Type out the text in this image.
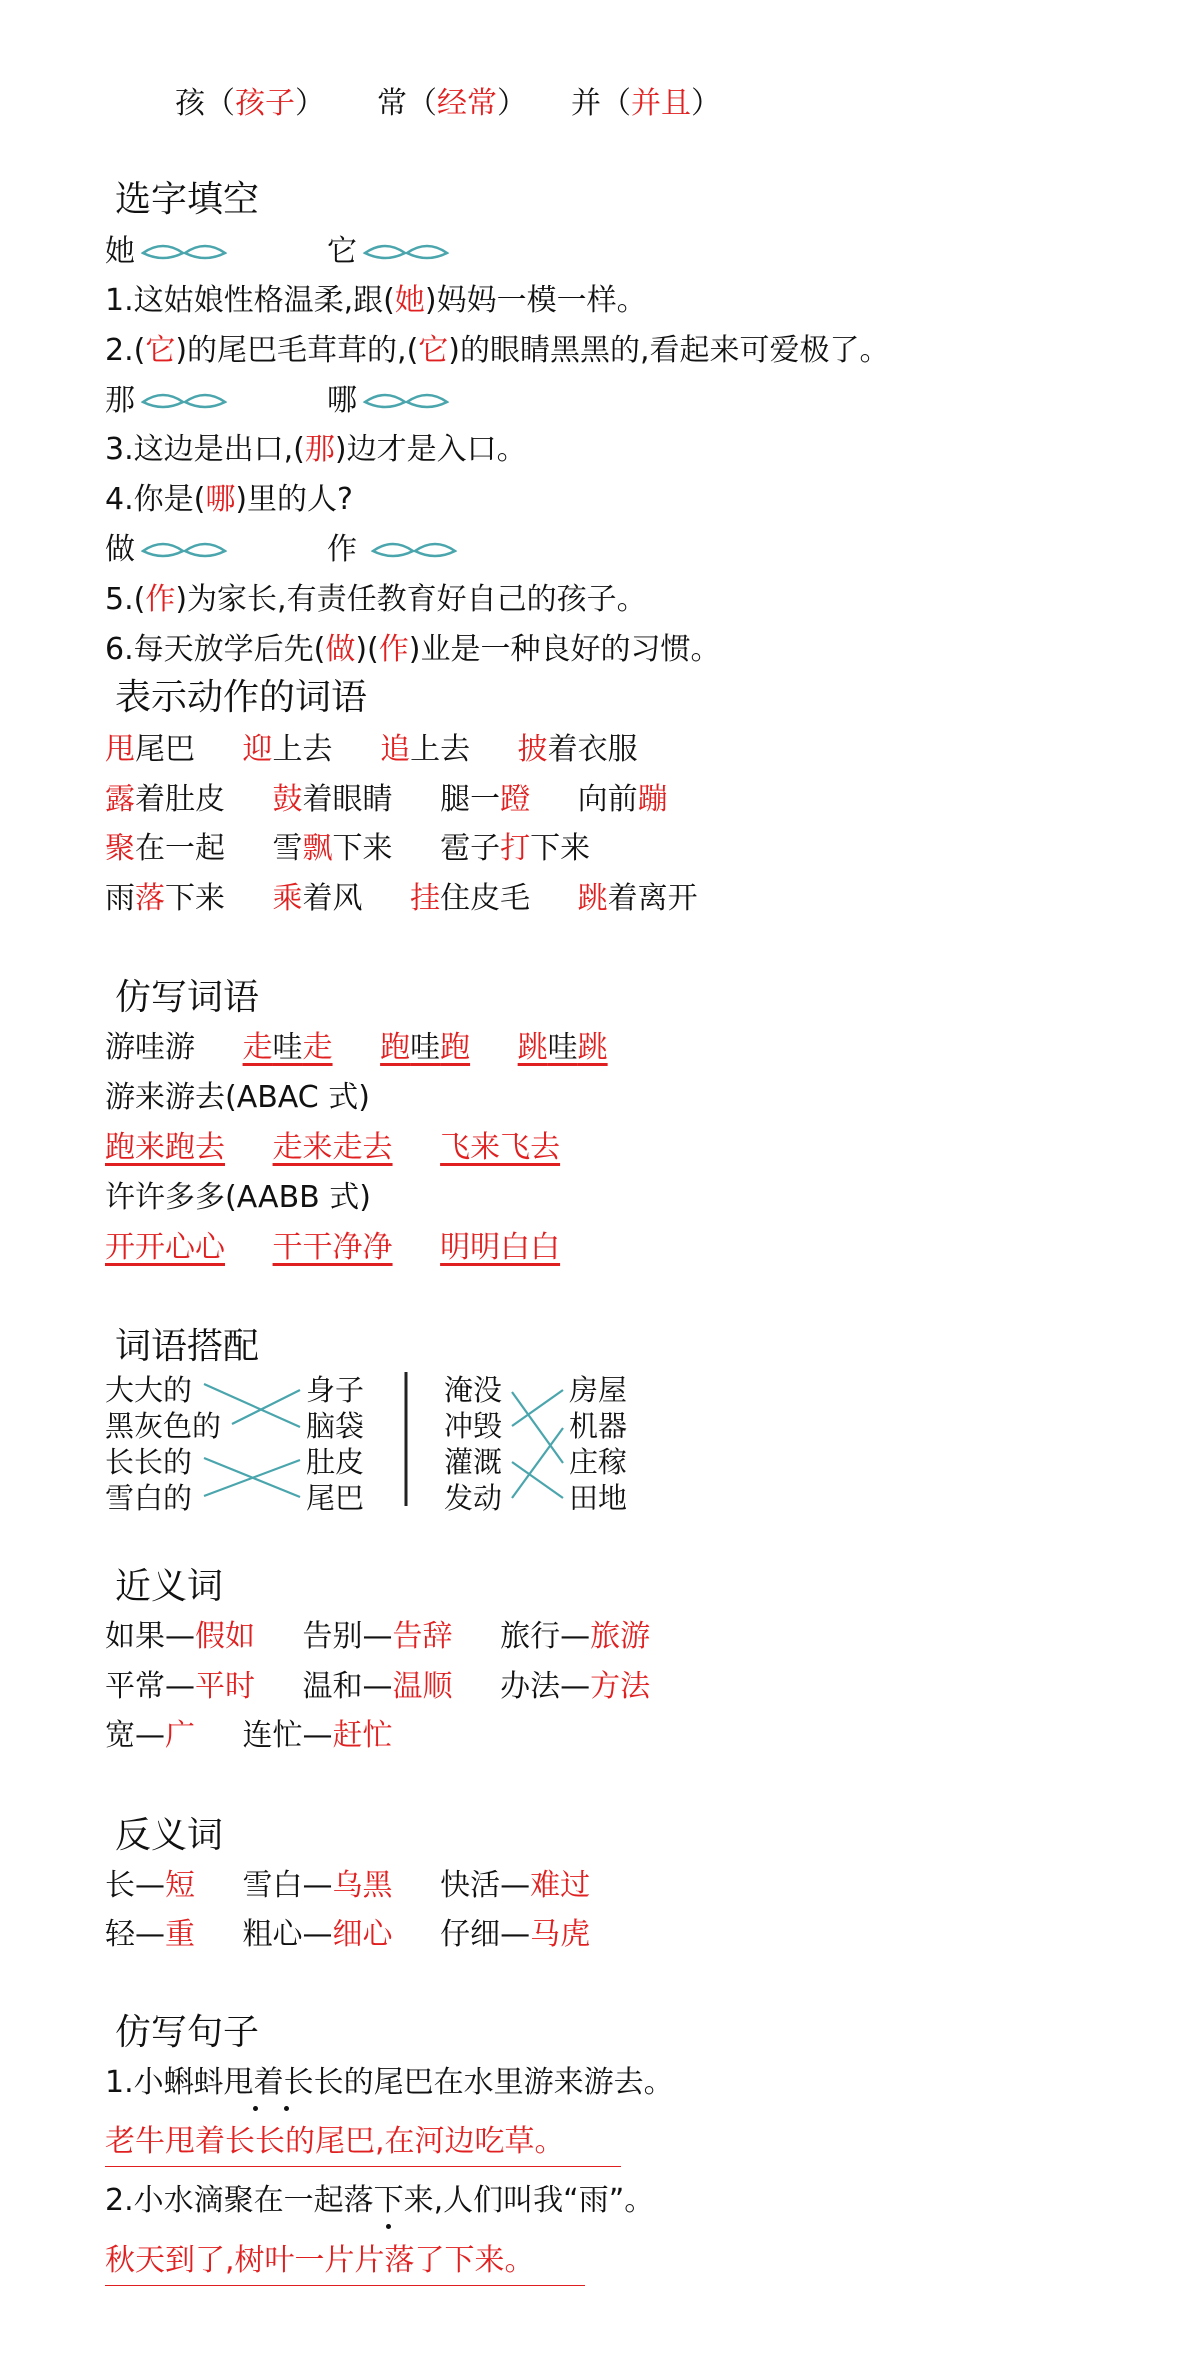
孩（孩子） 常（经常） 并（并且）
选字填空
她	它
1.这姑娘性格温柔,跟(她)妈妈一模一样。
2.(它)的尾巴毛茸茸的,(它)的眼睛黑黑的,看起来可爱极了。
那	哪
3.这边是出口,(那)边才是入口。
4.你是(哪)里的人?
做	作
5.(作)为家长,有责任教育好自己的孩子。
6.每天放学后先(做)(作)业是一种良好的习惯。
表示动作的词语
甩尾巴 迎上去 追上去 披着衣服
露着肚皮 鼓着眼睛 腿一蹬 向前蹦
聚在一起 雪飘下来 雹子打下来
雨落下来 乘着风 挂住皮毛 跳着离开
仿写词语
游哇游 走哇走 跑哇跑 跳哇跳
游来游去(ABAC 式)
跑来跑去 走来走去 飞来飞去
许许多多(AABB 式)
开开心心 干干净净 明明白白
词语搭配
大大的
黑灰色的
长长的
雪白的
身子
脑袋
肚皮
尾巴
淹没
冲毁
灌溉
发动
房屋
机器
庄稼
田地
近义词
如果—假如 告别—告辞 旅行—旅游
平常—平时 温和—温顺 办法—方法
宽—广 连忙—赶忙
反义词
长—短 雪白—乌黑 快活—难过
轻—重 粗心—细心 仔细—马虎
仿写句子
1.小蝌蚪甩着长长的尾巴在水里游来游去。
老牛甩着长长的尾巴,在河边吃草。
2.小水滴聚在一起落下来,人们叫我“雨”。
秋天到了,树叶一片片落了下来。
